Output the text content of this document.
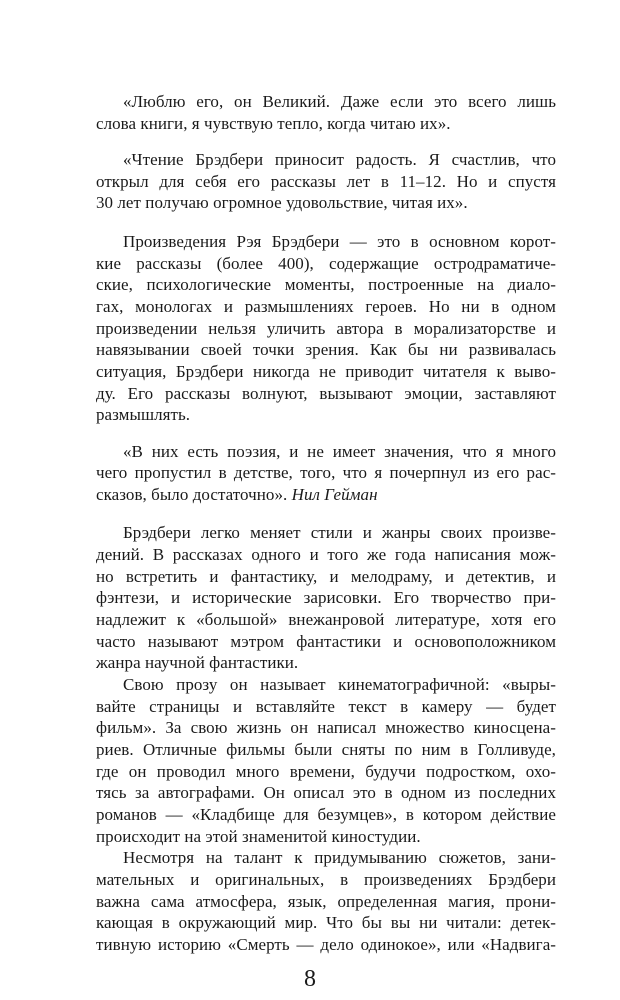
«Люблю его, он Великий. Даже если это всего лишь
слова книги, я чувствую тепло, когда читаю их».
«Чтение Брэдбери приносит радость. Я счастлив, что
открыл для себя его рассказы лет в 11–12. Но и спустя
30 лет получаю огромное удовольствие, читая их».
Произведения Рэя Брэдбери — это в основном корот-
кие рассказы (более 400), содержащие остродраматиче-
ские, психологические моменты, построенные на диало-
гах, монологах и размышлениях героев. Но ни в одном
произведении нельзя уличить автора в морализаторстве и
навязывании своей точки зрения. Как бы ни развивалась
ситуация, Брэдбери никогда не приводит читателя к выво-
ду. Его рассказы волнуют, вызывают эмоции, заставляют
размышлять.
«В них есть поэзия, и не имеет значения, что я много
чего пропустил в детстве, того, что я почерпнул из его рас-
сказов, было достаточно». Нил Гейман
Брэдбери легко меняет стили и жанры своих произве-
дений. В рассказах одного и того же года написания мож-
но встретить и фантастику, и мелодраму, и детектив, и
фэнтези, и исторические зарисовки. Его творчество при-
надлежит к «большой» внежанровой литературе, хотя его
часто называют мэтром фантастики и основоположником
жанра научной фантастики.
Свою прозу он называет кинематографичной: «выры-
вайте страницы и вставляйте текст в камеру — будет
фильм». За свою жизнь он написал множество киносцена-
риев. Отличные фильмы были сняты по ним в Голливуде,
где он проводил много времени, будучи подростком, охо-
тясь за автографами. Он описал это в одном из последних
романов — «Кладбище для безумцев», в котором действие
происходит на этой знаменитой киностудии.
Несмотря на талант к придумыванию сюжетов, зани-
мательных и оригинальных, в произведениях Брэдбери
важна сама атмосфера, язык, определенная магия, прони-
кающая в окружающий мир. Что бы вы ни читали: детек-
тивную историю «Смерть — дело одинокое», или «Надвига-
8
